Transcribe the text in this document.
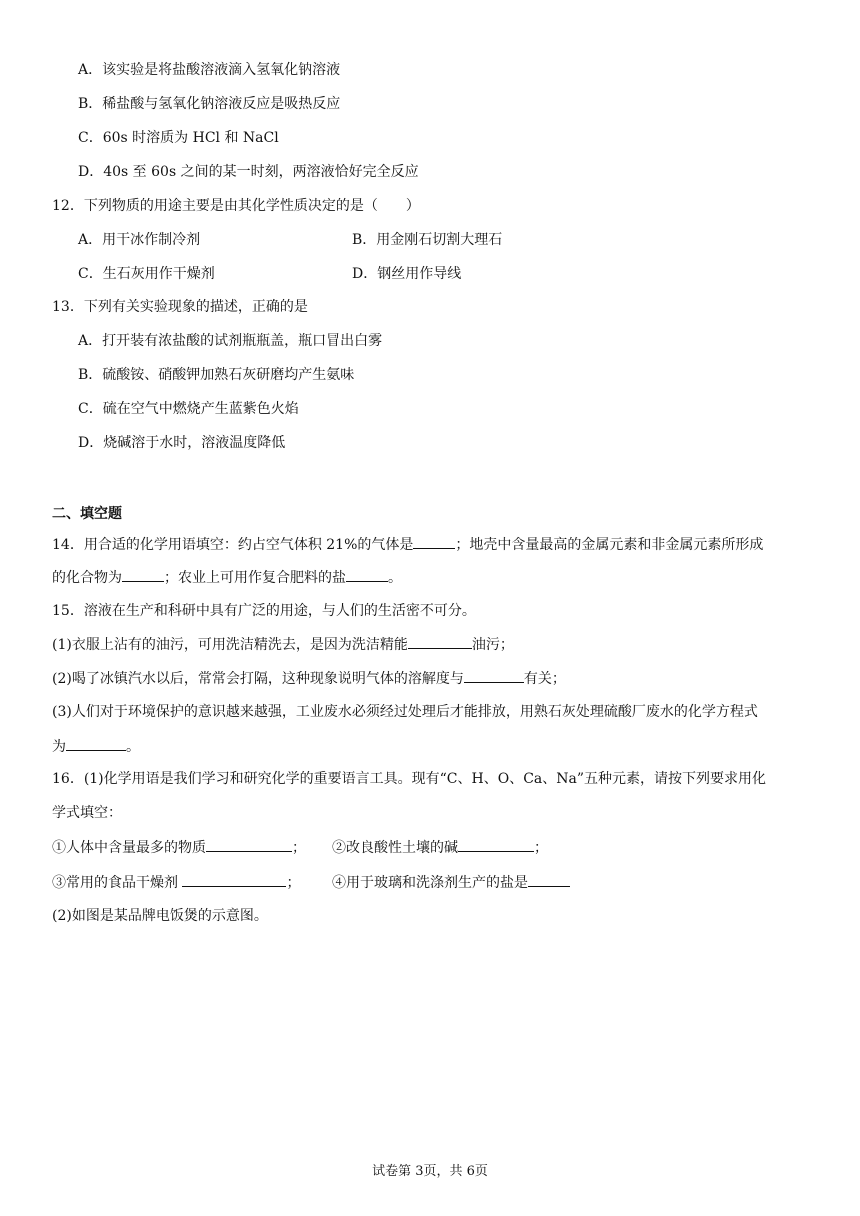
A．该实验是将盐酸溶液滴入氢氧化钠溶液
B．稀盐酸与氢氧化钠溶液反应是吸热反应
C．60s 时溶质为 HCl 和 NaCl
D．40s 至 60s 之间的某一时刻，两溶液恰好完全反应
12．下列物质的用途主要是由其化学性质决定的是（　　）
A．用干冰作制冷剂	B．用金刚石切割大理石
C．生石灰用作干燥剂	D．钢丝用作导线
13．下列有关实验现象的描述，正确的是
A．打开装有浓盐酸的试剂瓶瓶盖，瓶口冒出白雾
B．硫酸铵、硝酸钾加熟石灰研磨均产生氨味
C．硫在空气中燃烧产生蓝紫色火焰
D．烧碱溶于水时，溶液温度降低
二、填空题
14．用合适的化学用语填空：约占空气体积 21%的气体是	；地壳中含量最高的金属元素和非金属元素所形成
的化合物为	；农业上可用作复合肥料的盐	。
15．溶液在生产和科研中具有广泛的用途，与人们的生活密不可分。
(1)衣服上沾有的油污，可用洗洁精洗去，是因为洗洁精能	油污；
(2)喝了冰镇汽水以后，常常会打隔，这种现象说明气体的溶解度与	有关；
(3)人们对于环境保护的意识越来越强，工业废水必须经过处理后才能排放，用熟石灰处理硫酸厂废水的化学方程式
为	。
16．(1)化学用语是我们学习和研究化学的重要语言工具。现有“C、H、O、Ca、Na”五种元素，请按下列要求用化
学式填空：
①人体中含量最多的物质	； ②改良酸性土壤的碱	；
③常用的食品干燥剂	； ④用于玻璃和洗涤剂生产的盐是
(2)如图是某品牌电饭煲的示意图。
试卷第 3页，共 6页
